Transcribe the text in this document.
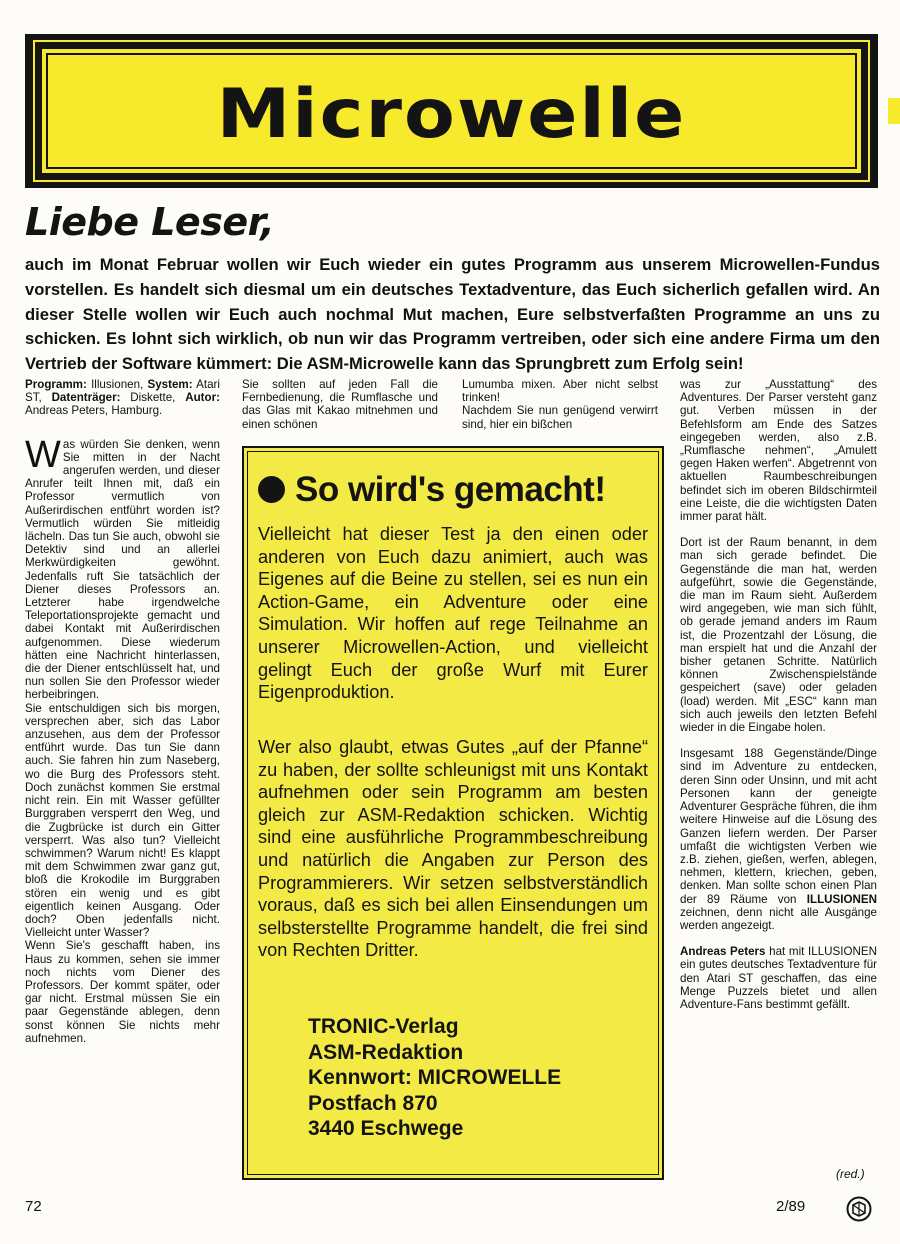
Microwelle
Liebe Leser,
auch im Monat Februar wollen wir Euch wieder ein gutes Programm aus unserem Microwellen-Fundus vorstellen. Es handelt sich diesmal um ein deutsches Textadventure, das Euch sicherlich gefallen wird. An dieser Stelle wollen wir Euch auch nochmal Mut machen, Eure selbstverfaßten Programme an uns zu schicken. Es lohnt sich wirklich, ob nun wir das Programm vertreiben, oder sich eine andere Firma um den Vertrieb der Software kümmert: Die ASM-Microwelle kann das Sprungbrett zum Erfolg sein!

Programm: Illusionen, System: Atari ST, Datenträger: Diskette, Autor: Andreas Peters, Hamburg.

Was würden Sie denken, wenn Sie mitten in der Nacht angerufen werden, und dieser Anrufer teilt Ihnen mit, daß ein Professor vermutlich von Außerirdischen entführt worden ist? Vermutlich würden Sie mitleidig lächeln. Das tun Sie auch, obwohl sie Detektiv sind und an allerlei Merkwürdigkeiten gewöhnt. Jedenfalls ruft Sie tatsächlich der Diener dieses Professors an. Letzterer habe irgendwelche Teleportationsprojekte gemacht und dabei Kontakt mit Außerirdischen aufgenommen. Diese wiederum hätten eine Nachricht hinterlassen, die der Diener entschlüsselt hat, und nun sollen Sie den Professor wieder herbeibringen.

Sie entschuldigen sich bis morgen, versprechen aber, sich das Labor anzusehen, aus dem der Professor entführt wurde. Das tun Sie dann auch. Sie fahren hin zum Naseberg, wo die Burg des Professors steht. Doch zunächst kommen Sie erstmal nicht rein. Ein mit Wasser gefüllter Burggraben versperrt den Weg, und die Zugbrücke ist durch ein Gitter versperrt. Was also tun? Vielleicht schwimmen? Warum nicht! Es klappt mit dem Schwimmen zwar ganz gut, bloß die Krokodile im Burggraben stören ein wenig und es gibt eigentlich keinen Ausgang. Oder doch? Oben jedenfalls nicht. Vielleicht unter Wasser?

Wenn Sie's geschafft haben, ins Haus zu kommen, sehen sie immer noch nichts vom Diener des Professors. Der kommt später, oder gar nicht. Erstmal müssen Sie ein paar Gegenstände ablegen, denn sonst können Sie nichts mehr aufnehmen.

Sie sollten auf jeden Fall die Fernbedienung, die Rumflasche und das Glas mit Kakao mitnehmen und einen schönen

Lumumba mixen. Aber nicht selbst trinken!

Nachdem Sie nun genügend verwirrt sind, hier ein bißchen

was zur „Ausstattung“ des Adventures. Der Parser versteht ganz gut. Verben müssen in der Befehlsform am Ende des Satzes eingegeben werden, also z.B. „Rumflasche nehmen“, „Amulett gegen Haken werfen“. Abgetrennt von aktuellen Raumbeschreibungen befindet sich im oberen Bildschirmteil eine Leiste, die die wichtigsten Daten immer parat hält.

Dort ist der Raum benannt, in dem man sich gerade befindet. Die Gegenstände die man hat, werden aufgeführt, sowie die Gegenstände, die man im Raum sieht. Außerdem wird angegeben, wie man sich fühlt, ob gerade jemand anders im Raum ist, die Prozentzahl der Lösung, die man erspielt hat und die Anzahl der bisher getanen Schritte. Natürlich können Zwischenspielstände gespeichert (save) oder geladen (load) werden. Mit „ESC“ kann man sich auch jeweils den letzten Befehl wieder in die Eingabe holen.

Insgesamt 188 Gegenstände/Dinge sind im Adventure zu entdecken, deren Sinn oder Unsinn, und mit acht Personen kann der geneigte Adventurer Gespräche führen, die ihm weitere Hinweise auf die Lösung des Ganzen liefern werden. Der Parser umfaßt die wichtigsten Verben wie z.B. ziehen, gießen, werfen, ablegen, nehmen, klettern, kriechen, geben, denken. Man sollte schon einen Plan der 89 Räume von ILLUSIONEN zeichnen, denn nicht alle Ausgänge werden angezeigt.

Andreas Peters hat mit ILLUSIONEN ein gutes deutsches Textadventure für den Atari ST geschaffen, das eine Menge Puzzels bietet und allen Adventure-Fans bestimmt gefällt.

So wird's gemacht!
Vielleicht hat dieser Test ja den einen oder anderen von Euch dazu animiert, auch was Eigenes auf die Beine zu stellen, sei es nun ein Action-Game, ein Adventure oder eine Simulation. Wir hoffen auf rege Teilnahme an unserer Microwellen-Action, und vielleicht gelingt Euch der große Wurf mit Eurer Eigenproduktion.
Wer also glaubt, etwas Gutes „auf der Pfanne“ zu haben, der sollte schleunigst mit uns Kontakt aufnehmen oder sein Programm am besten gleich zur ASM-Redaktion schicken. Wichtig sind eine ausführliche Programmbeschreibung und natürlich die Angaben zur Person des Programmierers. Wir setzen selbstverständlich voraus, daß es sich bei allen Einsendungen um selbsterstellte Programme handelt, die frei sind von Rechten Dritter.
TRONIC-Verlag
ASM-Redaktion
Kennwort: MICROWELLE
Postfach 870
3440 Eschwege
(red.)
72	2/89
